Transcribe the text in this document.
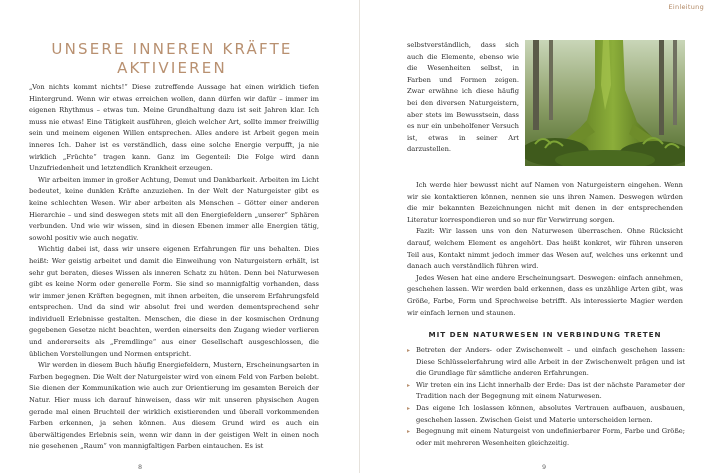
UNSERE INNEREN KRÄFTE AKTIVIEREN

„Von nichts kommt nichts!“ Diese zutreffende Aussage hat einen wirklich tiefen Hintergrund. Wenn wir etwas erreichen wollen, dann dürfen wir dafür – immer im eigenen Rhythmus – etwas tun. Meine Grundhaltung dazu ist seit Jahren klar. Ich muss nie etwas! Eine Tätigkeit ausführen, gleich welcher Art, sollte immer freiwillig sein und meinem eigenen Willen entsprechen. Alles andere ist Arbeit gegen mein inneres Ich. Daher ist es verständlich, dass eine solche Energie verpufft, ja nie wirklich „Früchte“ tragen kann. Ganz im Gegenteil: Die Folge wird dann Unzufriedenheit und letztendlich Krankheit erzeugen.

Wir arbeiten immer in großer Achtung, Demut und Dankbarkeit. Arbeiten im Licht bedeutet, keine dunklen Kräfte anzuziehen. In der Welt der Naturgeister gibt es keine schlechten Wesen. Wir aber arbeiten als Menschen – Götter einer anderen Hierarchie – und sind deswegen stets mit all den Energiefeldern „unserer“ Sphären verbunden. Und wie wir wissen, sind in diesen Ebenen immer alle Energien tätig, sowohl positiv wie auch negativ.

Wichtig dabei ist, dass wir unsere eigenen Erfahrungen für uns behalten. Dies heißt: Wer geistig arbeitet und damit die Einweihung von Naturgeistern erhält, ist sehr gut beraten, dieses Wissen als inneren Schatz zu hüten. Denn bei Naturwesen gibt es keine Norm oder generelle Form. Sie sind so mannigfaltig vorhanden, dass wir immer jenen Kräften begegnen, mit ihnen arbeiten, die unserem Erfahrungsfeld entsprechen. Und da sind wir absolut frei und werden dementsprechend sehr individuell Erlebnisse gestalten. Menschen, die diese in der kosmischen Ordnung gegebenen Gesetze nicht beachten, werden einerseits den Zugang wieder verlieren und andererseits als „Fremdlinge“ aus einer Gesellschaft ausgeschlossen, die üblichen Vorstellungen und Normen entspricht.

Wir werden in diesem Buch häufig Energiefeldern, Mustern, Erscheinungsarten in Farben begegnen. Die Welt der Naturgeister wird von einem Feld von Farben belebt. Sie dienen der Kommunikation wie auch zur Orientierung im gesamten Bereich der Natur. Hier muss ich darauf hinweisen, dass wir mit unseren physischen Augen gerade mal einen Bruchteil der wirklich existierenden und überall vorkommenden Farben erkennen, ja sehen können. Aus diesem Grund wird es auch ein überwältigendes Erlebnis sein, wenn wir dann in der geistigen Welt in einen noch nie gesehenen „Raum“ von mannigfaltigen Farben eintauchen. Es ist

8
Einleitung

selbstverständlich, dass sich auch die Elemente, ebenso wie die Wesenheiten selbst, in Farben und Formen zeigen. Zwar erwähne ich diese häufig bei den diversen Naturgeistern, aber stets im Bewusstsein, dass es nur ein unbeholfener Versuch ist, etwas in seiner Art darzustellen.

Ich werde hier bewusst nicht auf Namen von Naturgeistern eingehen. Wenn wir sie kontaktieren können, nennen sie uns ihren Namen. Deswegen würden die mir bekannten Bezeichnungen nicht mit denen in der entsprechenden Literatur korrespondieren und so nur für Verwirrung sorgen.

Fazit: Wir lassen uns von den Naturwesen überraschen. Ohne Rücksicht darauf, welchem Element es angehört. Das heißt konkret, wir führen unseren Teil aus, Kontakt nimmt jedoch immer das Wesen auf, welches uns erkennt und danach auch verständlich führen wird.

Jedes Wesen hat eine andere Erscheinungsart. Deswegen: einfach annehmen, geschehen lassen. Wir werden bald erkennen, dass es unzählige Arten gibt, was Größe, Farbe, Form und Sprechweise betrifft. Als interessierte Magier werden wir einfach lernen und staunen.

MIT DEN NATURWESEN IN VERBINDUNG TRETEN
▸ Betreten der Anders- oder Zwischenwelt – und einfach geschehen lassen: Diese Schlüsselerfahrung wird alle Arbeit in der Zwischenwelt prägen und ist die Grundlage für sämtliche anderen Erfahrungen.
▸ Wir treten ein ins Licht innerhalb der Erde: Das ist der nächste Parameter der Tradition nach der Begegnung mit einem Naturwesen.
▸ Das eigene Ich loslassen können, absolutes Vertrauen aufbauen, ausbauen, geschehen lassen. Zwischen Geist und Materie unterscheiden lernen.
▸ Begegnung mit einem Naturgeist von undefinierbarer Form, Farbe und Größe; oder mit mehreren Wesenheiten gleichzeitig.
9
